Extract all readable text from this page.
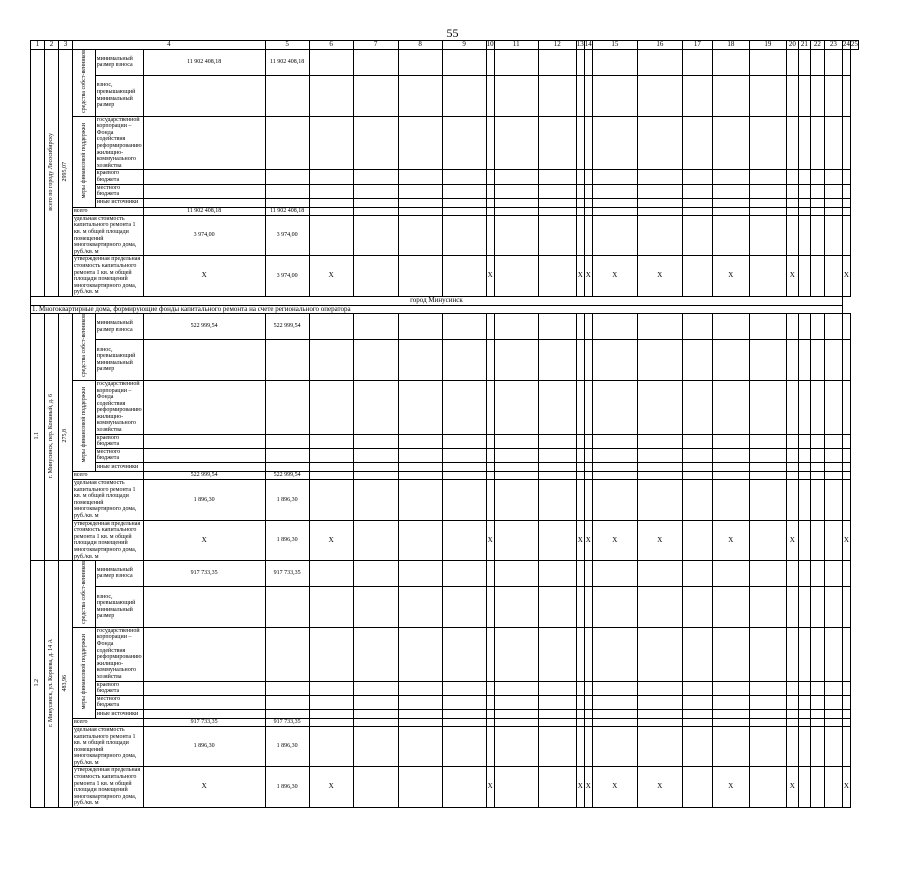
55
1	2	3	4			5	6	7	8	9	10	11	12	13	14	15	16	17	18	19	20	21	22	23	24	25
	всего по городу Лесосибирску	2995,07	средства собст-венников	минимальный размер взноса	11 902 408,18	11 902 408,18																				
				взнос, превышающий минимальный размер																						
			меры финансовой поддержки	государственной корпорации – Фонда содействия реформированию жилищно-коммунального хозяйства																						
				краевого бюджета																						
				местного бюджета																						
				иные источники																						
			всего		11 902 408,18	11 902 408,18																				
			удельная стоимость капитального ремонта 1 кв. м общей площади помещений многоквартирного дома, руб./кв. м		3 974,00	3 974,00																				
			утвержденная предельная стоимость капитального ремонта 1 кв. м общей площади помещений многоквартирного дома, руб./кв. м		X	3 974,00	X				X			X	X	X	X		X		X				X	
город Минусинск																										
1. Многоквартирные дома, формирующие фонды капитального ремонта на счете регионального оператора																										
1.1	г. Минусинск, пер. Копаный, д. 6	275,8	средства собст-венников	минимальный размер взноса	522 999,54	522 999,54																				
				взнос, превышающий минимальный размер																						
			меры финансовой поддержки	государственной корпорации – Фонда содействия реформированию жилищно-коммунального хозяйства																						
				краевого бюджета																						
				местного бюджета																						
				иные источники																						
			всего		522 999,54	522 999,54																				
			удельная стоимость капитального ремонта 1 кв. м общей площади помещений многоквартирного дома, руб./кв. м		1 896,30	1 896,30																				
			утвержденная предельная стоимость капитального ремонта 1 кв. м общей площади помещений многоквартирного дома, руб./кв. м		X	1 896,30	X				X			X	X	X	X		X		X				X	
1.2	г. Минусинск, ул. Корнева, д. 14 А	483,96	средства собст-венников	минимальный размер взноса	917 733,35	917 733,35																				
				взнос, превышающий минимальный размер																						
			меры финансовой поддержки	государственной корпорации – Фонда содействия реформированию жилищно-коммунального хозяйства																						
				краевого бюджета																						
				местного бюджета																						
				иные источники																						
			всего		917 733,35	917 733,35																				
			удельная стоимость капитального ремонта 1 кв. м общей площади помещений многоквартирного дома, руб./кв. м		1 896,30	1 896,30																				
			утвержденная предельная стоимость капитального ремонта 1 кв. м общей площади помещений многоквартирного дома, руб./кв. м		X	1 896,30	X				X			X	X	X	X		X		X				X	
